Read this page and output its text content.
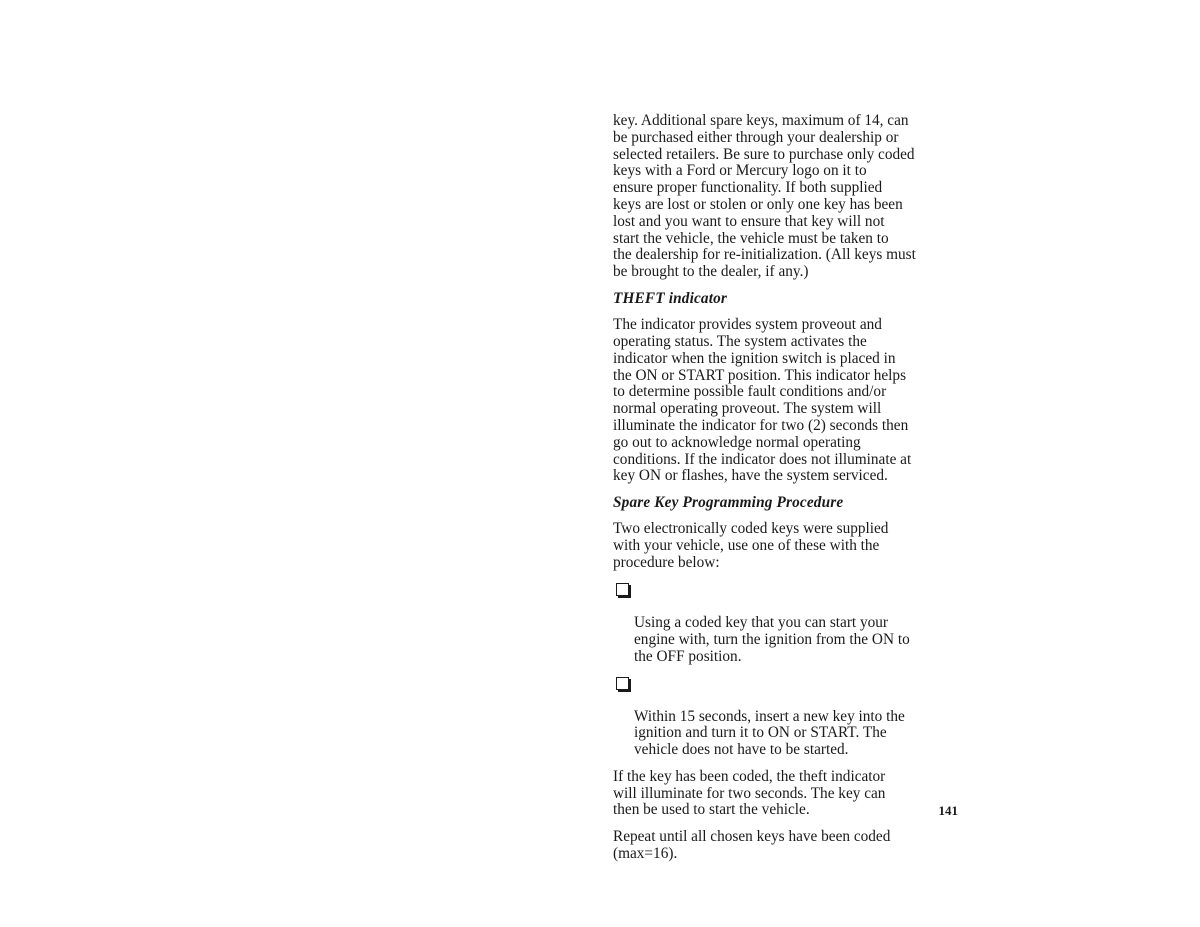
key. Additional spare keys, maximum of 14, can
be purchased either through your dealership or
selected retailers. Be sure to purchase only coded
keys with a Ford or Mercury logo on it to
ensure proper functionality. If both supplied
keys are lost or stolen or only one key has been
lost and you want to ensure that key will not
start the vehicle, the vehicle must be taken to
the dealership for re-initialization. (All keys must
be brought to the dealer, if any.)

THEFT indicator

The indicator provides system proveout and
operating status. The system activates the
indicator when the ignition switch is placed in
the ON or START position. This indicator helps
to determine possible fault conditions and/or
normal operating proveout. The system will
illuminate the indicator for two (2) seconds then
go out to acknowledge normal operating
conditions. If the indicator does not illuminate at
key ON or flashes, have the system serviced.

Spare Key Programming Procedure

Two electronically coded keys were supplied
with your vehicle, use one of these with the
procedure below:

Using a coded key that you can start your
engine with, turn the ignition from the ON to
the OFF position.

Within 15 seconds, insert a new key into the
ignition and turn it to ON or START. The
vehicle does not have to be started.

If the key has been coded, the theft indicator
will illuminate for two seconds. The key can
then be used to start the vehicle.

Repeat until all chosen keys have been coded
(max=16).

141
